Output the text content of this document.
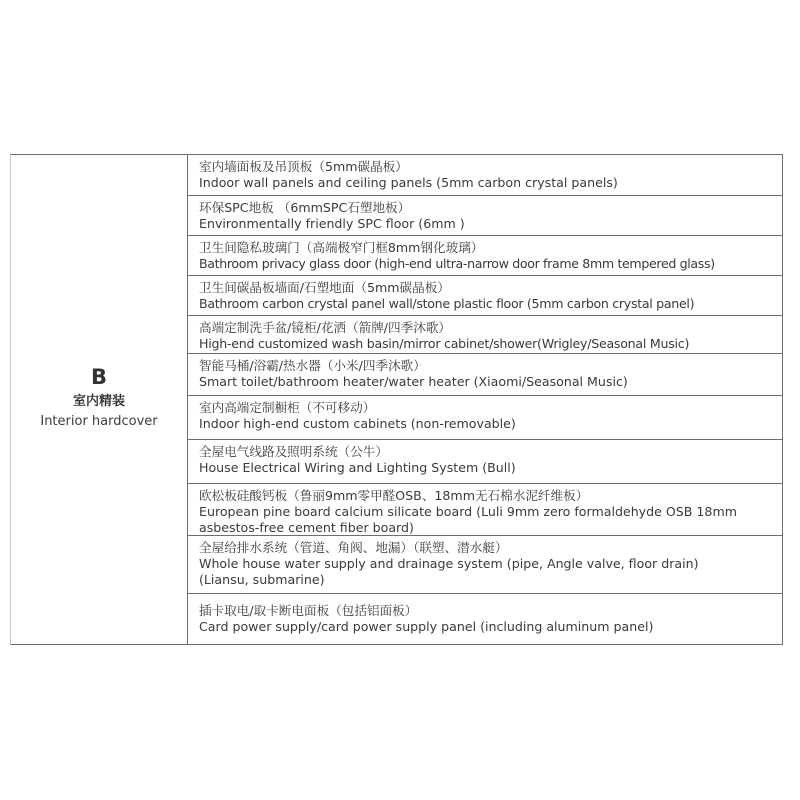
B
室内精装
Interior hardcover
室内墙面板及吊顶板（5mm碳晶板）
Indoor wall panels and ceiling panels (5mm carbon crystal panels)
环保SPC地板 （6mmSPC石塑地板）
Environmentally friendly SPC floor (6mm )
卫生间隐私玻璃门（高端极窄门框8mm钢化玻璃）
Bathroom privacy glass door (high-end ultra-narrow door frame 8mm tempered glass)
卫生间碳晶板墙面/石塑地面（5mm碳晶板）
Bathroom carbon crystal panel wall/stone plastic floor (5mm carbon crystal panel)
高端定制洗手盆/镜柜/花洒（箭牌/四季沐歌）
High-end customized wash basin/mirror cabinet/shower(Wrigley/Seasonal Music)
智能马桶/浴霸/热水器（小米/四季沐歌）
Smart toilet/bathroom heater/water heater (Xiaomi/Seasonal Music)
室内高端定制橱柜（不可移动）
Indoor high-end custom cabinets (non-removable)
全屋电气线路及照明系统（公牛）
House Electrical Wiring and Lighting System (Bull)
欧松板硅酸钙板（鲁丽9mm零甲醛OSB、18mm无石棉水泥纤维板）
European pine board calcium silicate board (Luli 9mm zero formaldehyde OSB 18mm asbestos-free cement fiber board)
全屋给排水系统（管道、角阀、地漏）（联塑、潜水艇）
Whole house water supply and drainage system (pipe, Angle valve, floor drain) (Liansu, submarine)
插卡取电/取卡断电面板（包括铝面板）
Card power supply/card power supply panel (including aluminum panel)
